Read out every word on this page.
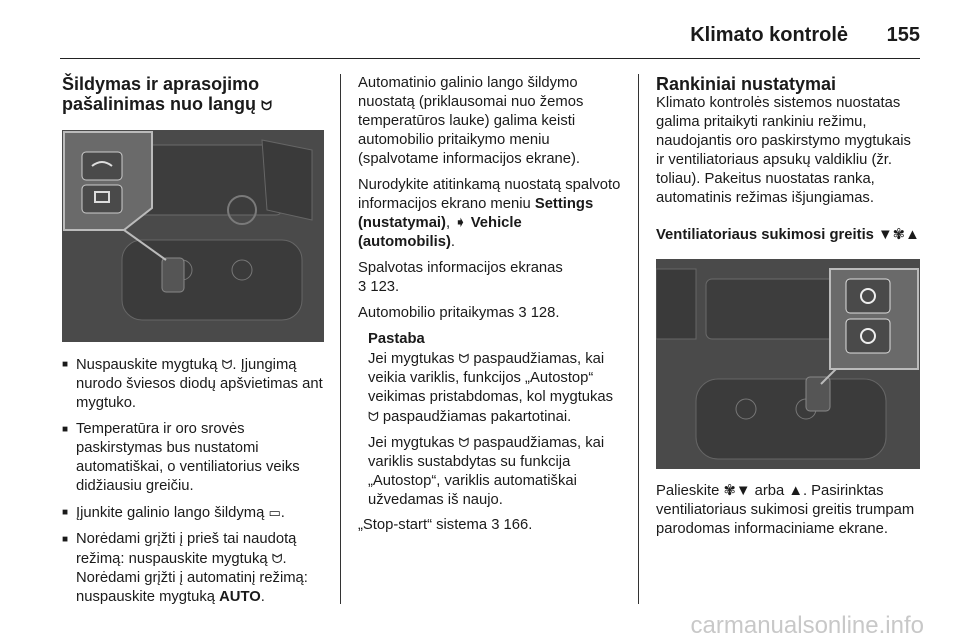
Klimato kontrolė 155
Šildymas ir aprasojimo pašalinimas nuo langų ᗢ
■ Nuspauskite mygtuką ᗢ. Įjungimą nurodo šviesos diodų apšvietimas ant mygtuko.
■ Temperatūra ir oro srovės paskirstymas bus nustatomi automatiškai, o ventiliatorius veiks didžiausiu greičiu.
■ Įjunkite galinio lango šildymą ▭.
■ Norėdami grįžti į prieš tai naudotą režimą: nuspauskite mygtuką ᗢ. Norėdami grįžti į automatinį režimą: nuspauskite mygtuką AUTO.

Automatinio galinio lango šildymo nuostatą (priklausomai nuo žemos temperatūros lauke) galima keisti automobilio pritaikymo meniu (spalvotame informacijos ekrane).

Nurodykite atitinkamą nuostatą spalvoto informacijos ekrano meniu Settings (nustatymai), ➧ Vehicle (automobilis).

Spalvotas informacijos ekranas
3 123.

Automobilio pritaikymas 3 128.

Pastaba

Jei mygtukas ᗢ paspaudžiamas, kai veikia variklis, funkcijos „Autostop“ veikimas pristabdomas, kol mygtukas ᗢ paspaudžiamas pakartotinai.

Jei mygtukas ᗢ paspaudžiamas, kai variklis sustabdytas su funkcija „Autostop“, variklis automatiškai užvedamas iš naujo.

„Stop-start“ sistema 3 166.

Rankiniai nustatymai

Klimato kontrolės sistemos nuostatas galima pritaikyti rankiniu režimu, naudojantis oro paskirstymo mygtukais ir ventiliatoriaus apsukų valdikliu (žr. toliau). Pakeitus nuostatas ranka, automatinis režimas išjungiamas.

Ventiliatoriaus sukimosi greitis ▼✾▲

Palieskite ✾▼ arba ▲. Pasirinktas ventiliatoriaus sukimosi greitis trumpam parodomas informaciniame ekrane.

carmanualsonline.info
